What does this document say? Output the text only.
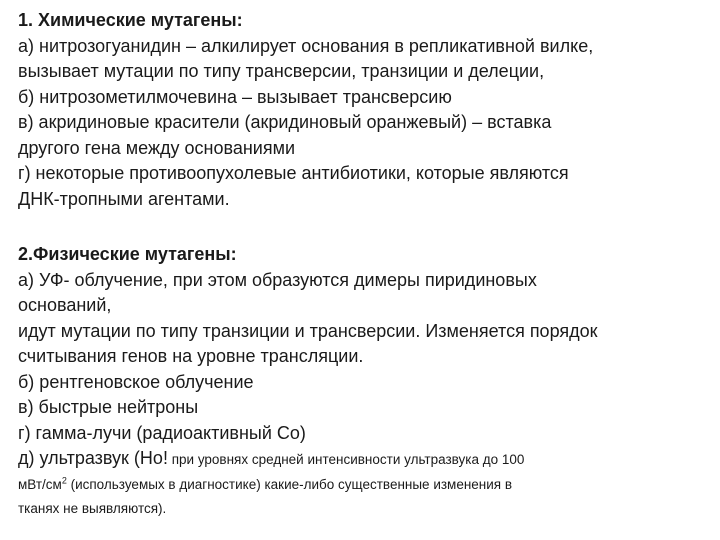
1. Химические мутагены:

а) нитрозогуанидин – алкилирует основания в репликативной вилке,

вызывает мутации по типу трансверсии, транзиции и делеции,

б) нитрозометилмочевина – вызывает трансверсию

в) акридиновые красители (акридиновый оранжевый) – вставка

другого гена между основаниями

г) некоторые противоопухолевые антибиотики, которые являются

ДНК-тропными агентами.

2.Физические мутагены:

а) УФ- облучение, при этом образуются димеры пиридиновых

оснований,

идут мутации по типу транзиции и трансверсии. Изменяется порядок

считывания генов на уровне трансляции.

б) рентгеновское облучение

в) быстрые нейтроны

г) гамма-лучи (радиоактивный Со)

д) ультразвук (Но! при уровнях средней интенсивности ультразвука до 100

мВт/$см^2$ (используемых в диагностике) какие-либо существенные изменения в

тканях не выявляются).
